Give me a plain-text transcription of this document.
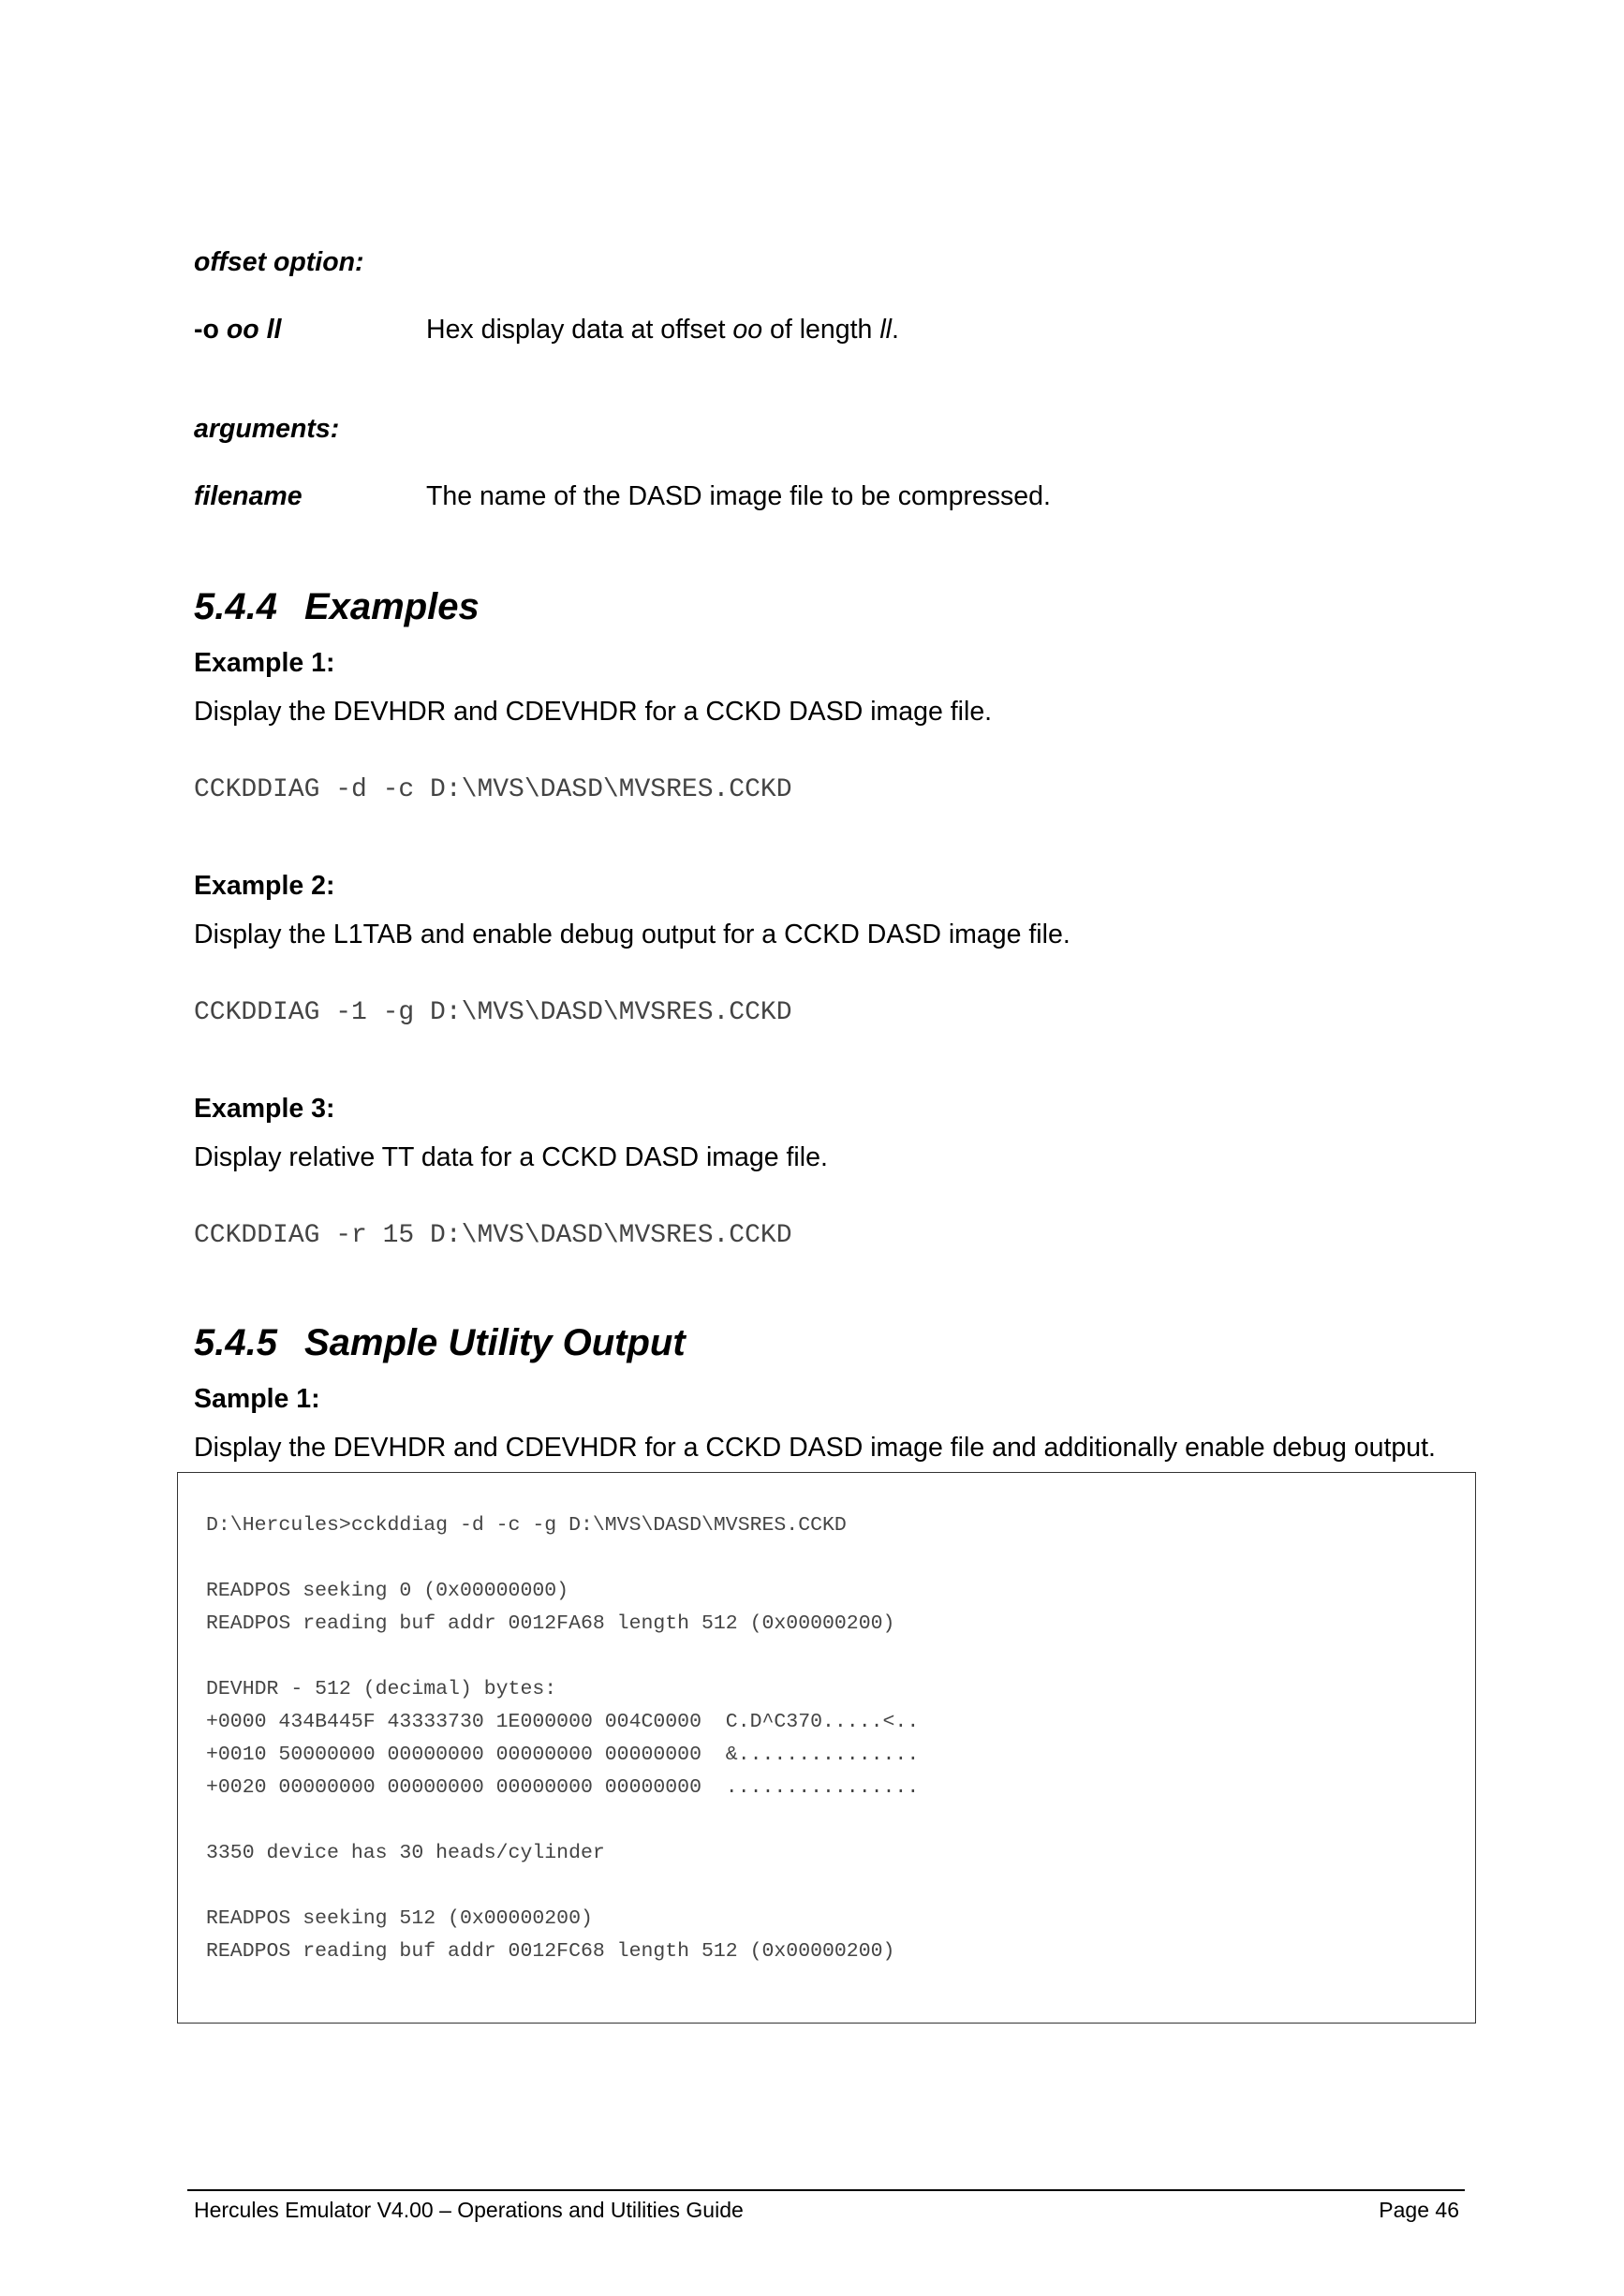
offset option:
-o oo ll	Hex display data at offset oo of length ll.
arguments:
filename	The name of the DASD image file to be compressed.
5.4.4 Examples
Example 1:
Display the DEVHDR and CDEVHDR for a CCKD DASD image file.
CCKDDIAG -d -c D:\MVS\DASD\MVSRES.CCKD
Example 2:
Display the L1TAB and enable debug output for a CCKD DASD image file.
CCKDDIAG -1 -g D:\MVS\DASD\MVSRES.CCKD
Example 3:
Display relative TT data for a CCKD DASD image file.
CCKDDIAG -r 15 D:\MVS\DASD\MVSRES.CCKD
5.4.5 Sample Utility Output
Sample 1:
Display the DEVHDR and CDEVHDR for a CCKD DASD image file and additionally enable debug output.
D:\Hercules>cckddiag -d -c -g D:\MVS\DASD\MVSRES.CCKD
READPOS seeking 0 (0x00000000)
READPOS reading buf addr 0012FA68 length 512 (0x00000200)
DEVHDR - 512 (decimal) bytes:
+0000 434B445F 43333730 1E000000 004C0000  C.D^C370.....<..
+0010 50000000 00000000 00000000 00000000  &...............
+0020 00000000 00000000 00000000 00000000  ................
3350 device has 30 heads/cylinder
READPOS seeking 512 (0x00000200)
READPOS reading buf addr 0012FC68 length 512 (0x00000200)
Hercules Emulator V4.00 – Operations and Utilities Guide	Page 46
